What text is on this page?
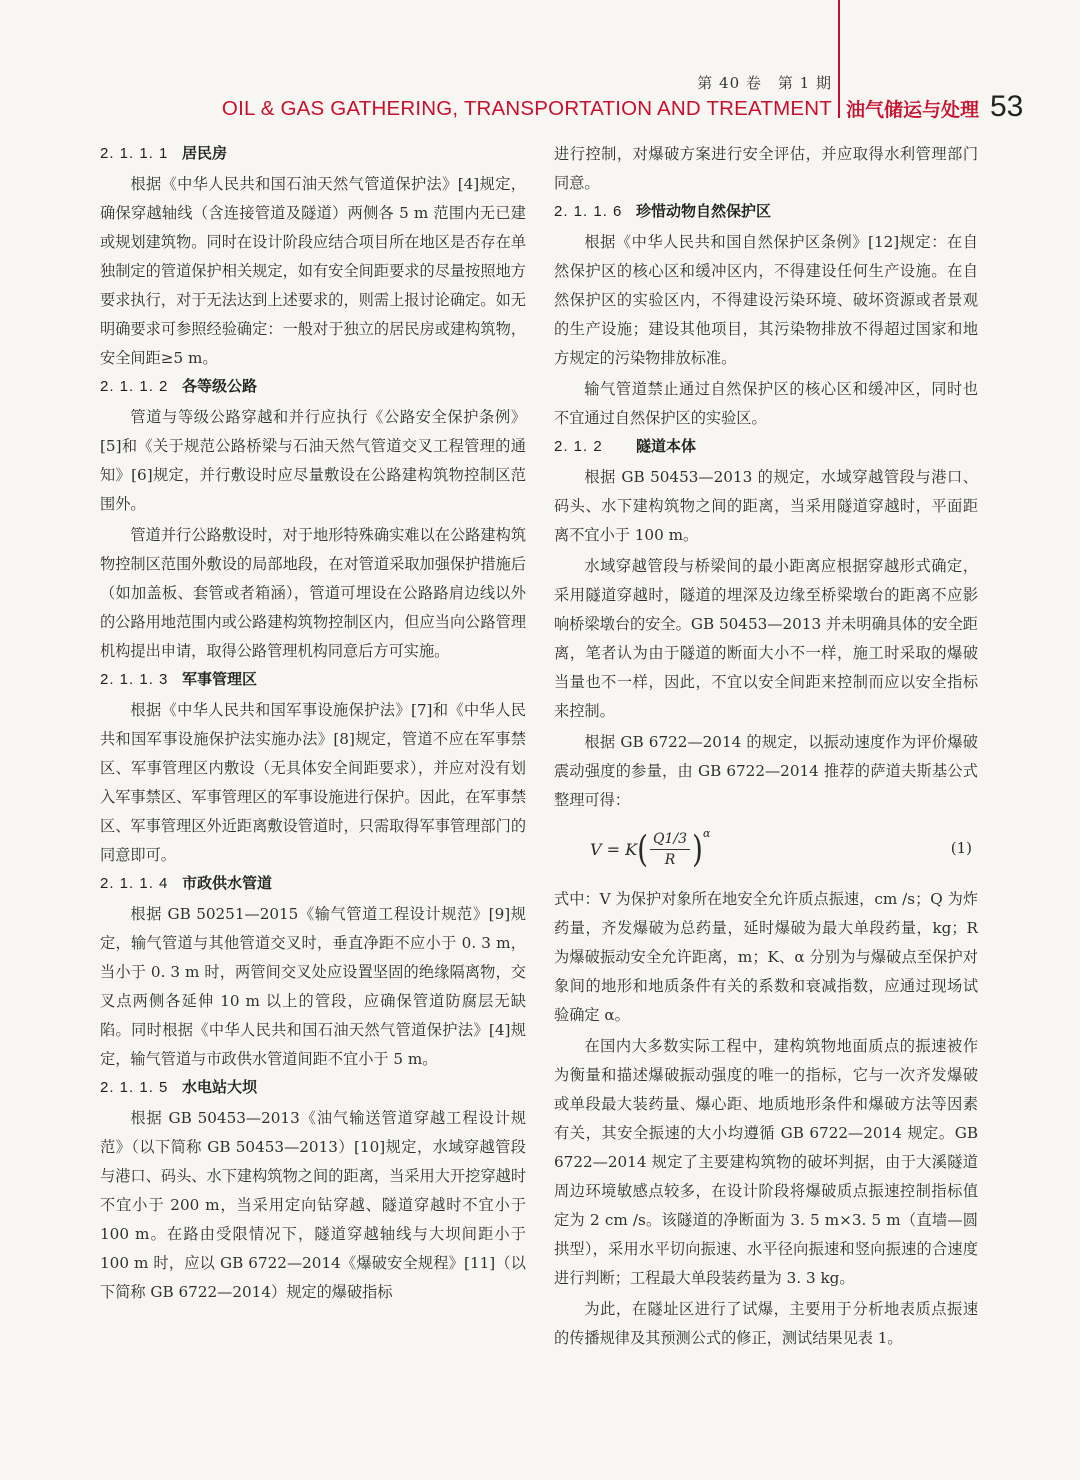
第 40 卷　第 1 期
OIL & GAS GATHERING, TRANSPORTATION AND TREATMENT 油气储运与处理 53
2. 1. 1. 1 居民房

根据《中华人民共和国石油天然气管道保护法》[4]规定，确保穿越轴线（含连接管道及隧道）两侧各 5 m 范围内无已建或规划建筑物。同时在设计阶段应结合项目所在地区是否存在单独制定的管道保护相关规定，如有安全间距要求的尽量按照地方要求执行，对于无法达到上述要求的，则需上报讨论确定。如无明确要求可参照经验确定：一般对于独立的居民房或建构筑物，安全间距≥5 m。

2. 1. 1. 2 各等级公路

管道与等级公路穿越和并行应执行《公路安全保护条例》[5]和《关于规范公路桥梁与石油天然气管道交叉工程管理的通知》[6]规定，并行敷设时应尽量敷设在公路建构筑物控制区范围外。

管道并行公路敷设时，对于地形特殊确实难以在公路建构筑物控制区范围外敷设的局部地段，在对管道采取加强保护措施后（如加盖板、套管或者箱涵），管道可埋设在公路路肩边线以外的公路用地范围内或公路建构筑物控制区内，但应当向公路管理机构提出申请，取得公路管理机构同意后方可实施。

2. 1. 1. 3 军事管理区

根据《中华人民共和国军事设施保护法》[7]和《中华人民共和国军事设施保护法实施办法》[8]规定，管道不应在军事禁区、军事管理区内敷设（无具体安全间距要求），并应对没有划入军事禁区、军事管理区的军事设施进行保护。因此，在军事禁区、军事管理区外近距离敷设管道时，只需取得军事管理部门的同意即可。

2. 1. 1. 4 市政供水管道

根据 GB 50251—2015《输气管道工程设计规范》[9]规定，输气管道与其他管道交叉时，垂直净距不应小于 0. 3 m，当小于 0. 3 m 时，两管间交叉处应设置坚固的绝缘隔离物，交叉点两侧各延伸 10 m 以上的管段，应确保管道防腐层无缺陷。同时根据《中华人民共和国石油天然气管道保护法》[4]规定，输气管道与市政供水管道间距不宜小于 5 m。

2. 1. 1. 5 水电站大坝

根据 GB 50453—2013《油气输送管道穿越工程设计规范》（以下简称 GB 50453—2013）[10]规定，水域穿越管段与港口、码头、水下建构筑物之间的距离，当采用大开挖穿越时不宜小于 200 m，当采用定向钻穿越、隧道穿越时不宜小于 100 m。在路由受限情况下，隧道穿越轴线与大坝间距小于 100 m 时，应以 GB 6722—2014《爆破安全规程》[11]（以下简称 GB 6722—2014）规定的爆破指标

进行控制，对爆破方案进行安全评估，并应取得水利管理部门同意。

2. 1. 1. 6 珍惜动物自然保护区

根据《中华人民共和国自然保护区条例》[12]规定：在自然保护区的核心区和缓冲区内，不得建设任何生产设施。在自然保护区的实验区内，不得建设污染环境、破坏资源或者景观的生产设施；建设其他项目，其污染物排放不得超过国家和地方规定的污染物排放标准。

输气管道禁止通过自然保护区的核心区和缓冲区，同时也不宜通过自然保护区的实验区。

2. 1. 2 隧道本体

根据 GB 50453—2013 的规定，水域穿越管段与港口、码头、水下建构筑物之间的距离，当采用隧道穿越时，平面距离不宜小于 100 m。

水域穿越管段与桥梁间的最小距离应根据穿越形式确定，采用隧道穿越时，隧道的埋深及边缘至桥梁墩台的距离不应影响桥梁墩台的安全。GB 50453—2013 并未明确具体的安全距离，笔者认为由于隧道的断面大小不一样，施工时采取的爆破当量也不一样，因此，不宜以安全间距来控制而应以安全指标来控制。

根据 GB 6722—2014 的规定，以振动速度作为评价爆破震动强度的参量，由 GB 6722—2014 推荐的萨道夫斯基公式整理可得：

V = K ( $\frac{Q1/3}{R}$ ) α
(1)

式中：V 为保护对象所在地安全允许质点振速，cm /s；Q 为炸药量，齐发爆破为总药量，延时爆破为最大单段药量，kg；R 为爆破振动安全允许距离，m；K、α 分别为与爆破点至保护对象间的地形和地质条件有关的系数和衰减指数，应通过现场试验确定 α。

在国内大多数实际工程中，建构筑物地面质点的振速被作为衡量和描述爆破振动强度的唯一的指标，它与一次齐发爆破或单段最大装药量、爆心距、地质地形条件和爆破方法等因素有关，其安全振速的大小均遵循 GB 6722—2014 规定。GB 6722—2014 规定了主要建构筑物的破坏判据，由于大溪隧道周边环境敏感点较多，在设计阶段将爆破质点振速控制指标值定为 2 cm /s。该隧道的净断面为 3. 5 m×3. 5 m（直墙—圆拱型），采用水平切向振速、水平径向振速和竖向振速的合速度进行判断；工程最大单段装药量为 3. 3 kg。

为此，在隧址区进行了试爆，主要用于分析地表质点振速的传播规律及其预测公式的修正，测试结果见表 1。
